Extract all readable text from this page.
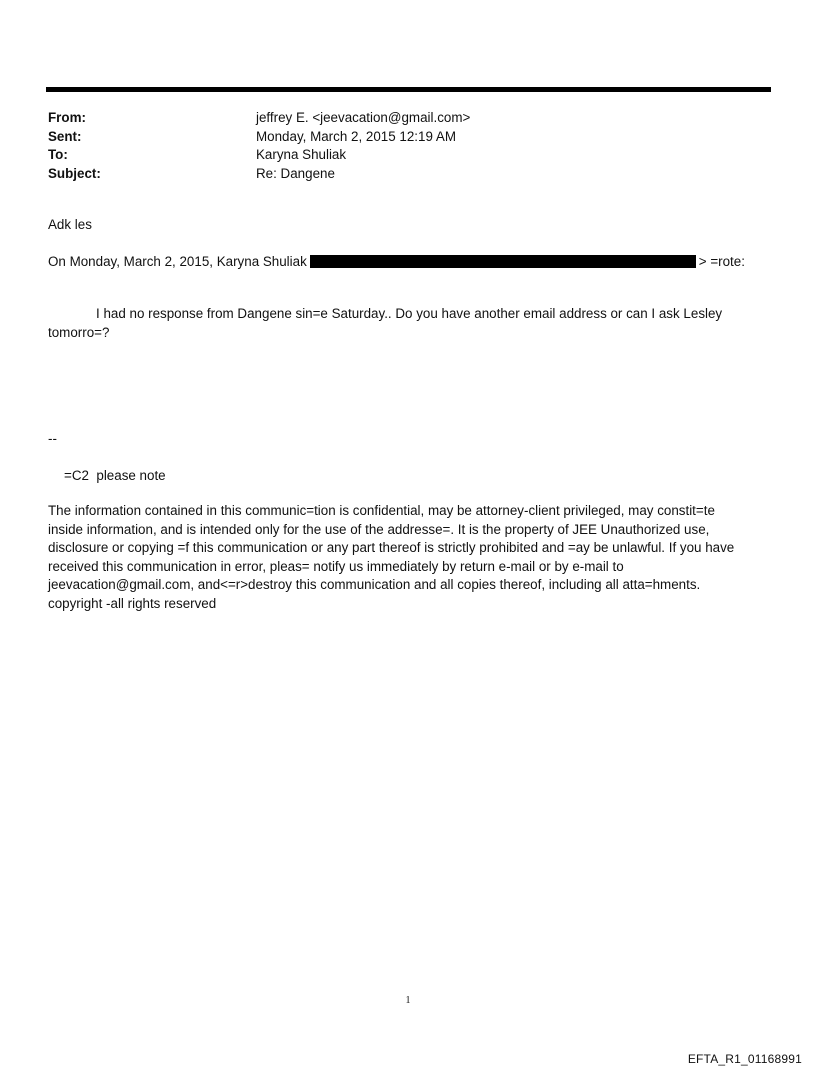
From:	jeffrey E. <jeevacation@gmail.com>
Sent:	Monday, March 2, 2015 12:19 AM
To:	Karyna Shuliak
Subject:	Re: Dangene
Adk les
On Monday, March 2, 2015, Karyna Shuliak	> =rote:
I had no response from Dangene sin=e Saturday.. Do you have another email address or can I ask Lesley tomorro=?
--
=C2  please note
The information contained in this communic=tion is confidential, may be attorney-client privileged, may constit=te inside information, and is intended only for the use of the addresse=. It is the property of JEE Unauthorized use, disclosure or copying =f this communication or any part thereof is strictly prohibited and =ay be unlawful. If you have received this communication in error, pleas= notify us immediately by return e-mail or by e-mail to jeevacation@gmail.com, and<=r>destroy this communication and all copies thereof, including all atta=hments. copyright -all rights reserved
1
EFTA_R1_01168991
